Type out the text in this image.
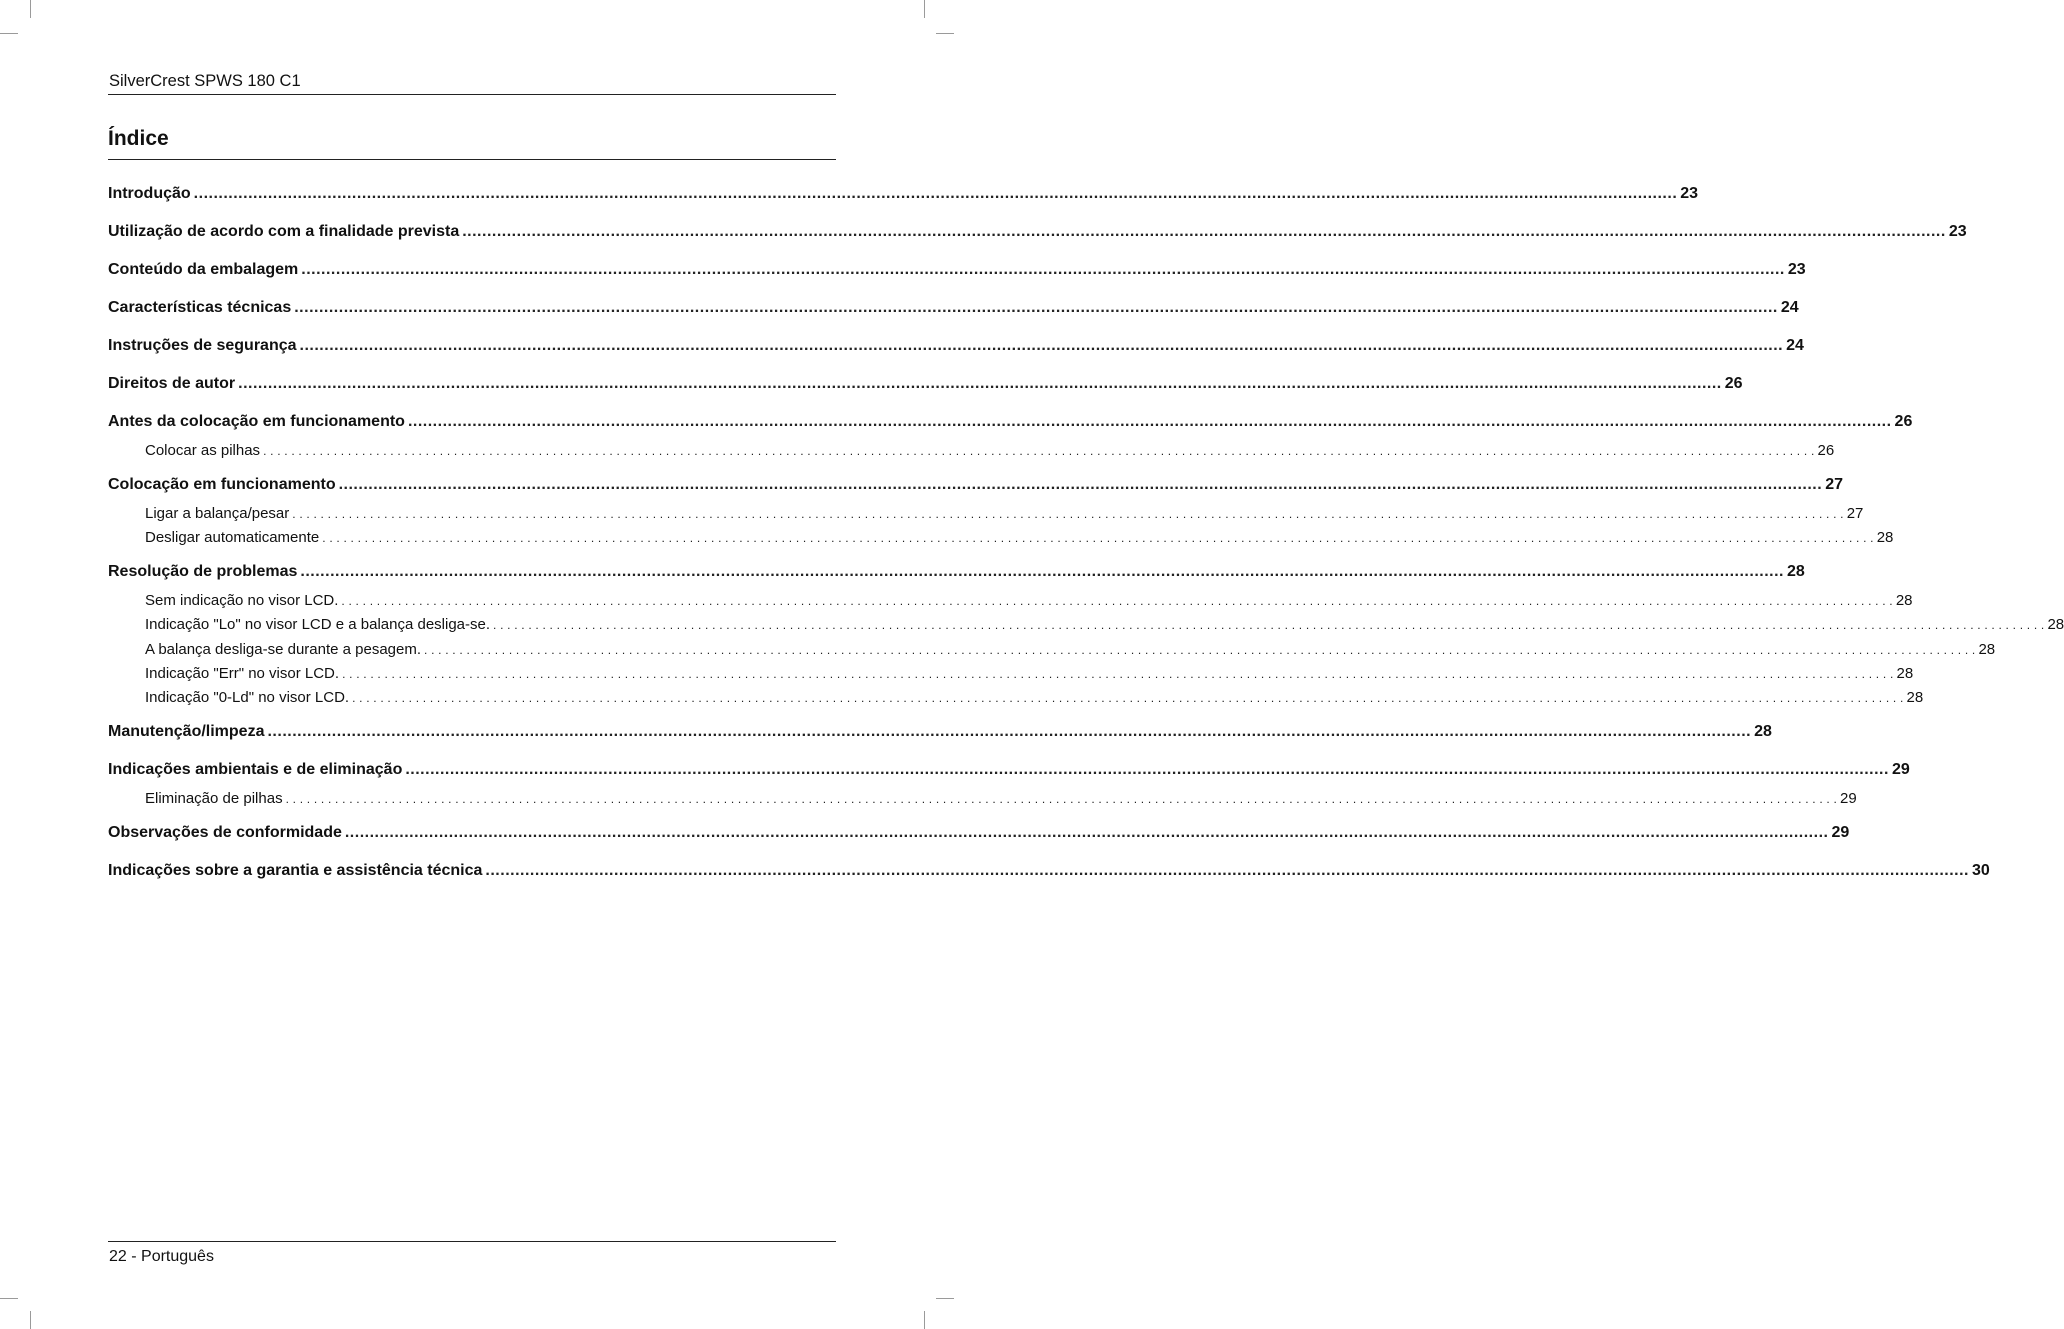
SilverCrest SPWS 180 C1
Índice
Introdução ............................................................................................................................................................................................................................................................................................................ 23
Utilização de acordo com a finalidade prevista ............................................................................................................................................................................................................................................................................................................ 23
Conteúdo da embalagem ............................................................................................................................................................................................................................................................................................................ 23
Características técnicas ............................................................................................................................................................................................................................................................................................................ 24
Instruções de segurança ............................................................................................................................................................................................................................................................................................................ 24
Direitos de autor ............................................................................................................................................................................................................................................................................................................ 26
Antes da colocação em funcionamento ............................................................................................................................................................................................................................................................................................................ 26
Colocar as pilhas . . . . . . . . . . . . . . . . . . . . . . . . . . . . . . . . . . . . . . . . . . . . . . . . . . . . . . . . . . . . . . . . . . . . . . . . . . . . . . . . . . . . . . . . . . . . . . . . . . . . . . . . . . . . . . . . . . . . . . . . . . . . . . . . . . . . . . . . . . . . . . . . . . . . . . . . . . . . . . . . . . . . . . . . . . . . . . . . . . . . . . . . . . . . . . . . . . . . . . . . . . . . . . . . . . . . . . . . . . . . 26
Colocação em funcionamento ............................................................................................................................................................................................................................................................................................................ 27
Ligar a balança/pesar . . . . . . . . . . . . . . . . . . . . . . . . . . . . . . . . . . . . . . . . . . . . . . . . . . . . . . . . . . . . . . . . . . . . . . . . . . . . . . . . . . . . . . . . . . . . . . . . . . . . . . . . . . . . . . . . . . . . . . . . . . . . . . . . . . . . . . . . . . . . . . . . . . . . . . . . . . . . . . . . . . . . . . . . . . . . . . . . . . . . . . . . . . . . . . . . . . . . . . . . . . . . . . . . . . . . . . . . . . . . 27
Desligar automaticamente . . . . . . . . . . . . . . . . . . . . . . . . . . . . . . . . . . . . . . . . . . . . . . . . . . . . . . . . . . . . . . . . . . . . . . . . . . . . . . . . . . . . . . . . . . . . . . . . . . . . . . . . . . . . . . . . . . . . . . . . . . . . . . . . . . . . . . . . . . . . . . . . . . . . . . . . . . . . . . . . . . . . . . . . . . . . . . . . . . . . . . . . . . . . . . . . . . . . . . . . . . . . . . . . . . . . . . . . . . . . 28
Resolução de problemas ............................................................................................................................................................................................................................................................................................................ 28
Sem indicação no visor LCD. . . . . . . . . . . . . . . . . . . . . . . . . . . . . . . . . . . . . . . . . . . . . . . . . . . . . . . . . . . . . . . . . . . . . . . . . . . . . . . . . . . . . . . . . . . . . . . . . . . . . . . . . . . . . . . . . . . . . . . . . . . . . . . . . . . . . . . . . . . . . . . . . . . . . . . . . . . . . . . . . . . . . . . . . . . . . . . . . . . . . . . . . . . . . . . . . . . . . . . . . . . . . . . . . . . . . . . . . . . . . 28
Indicação "Lo" no visor LCD e a balança desliga-se. . . . . . . . . . . . . . . . . . . . . . . . . . . . . . . . . . . . . . . . . . . . . . . . . . . . . . . . . . . . . . . . . . . . . . . . . . . . . . . . . . . . . . . . . . . . . . . . . . . . . . . . . . . . . . . . . . . . . . . . . . . . . . . . . . . . . . . . . . . . . . . . . . . . . . . . . . . . . . . . . . . . . . . . . . . . . . . . . . . . . . . . . . . . . . . . . . . . . . . . . . . . . . . . . . . . . . . . . . . . . 28
A balança desliga-se durante a pesagem. . . . . . . . . . . . . . . . . . . . . . . . . . . . . . . . . . . . . . . . . . . . . . . . . . . . . . . . . . . . . . . . . . . . . . . . . . . . . . . . . . . . . . . . . . . . . . . . . . . . . . . . . . . . . . . . . . . . . . . . . . . . . . . . . . . . . . . . . . . . . . . . . . . . . . . . . . . . . . . . . . . . . . . . . . . . . . . . . . . . . . . . . . . . . . . . . . . . . . . . . . . . . . . . . . . . . . . . . . . . . 28
Indicação "Err" no visor LCD. . . . . . . . . . . . . . . . . . . . . . . . . . . . . . . . . . . . . . . . . . . . . . . . . . . . . . . . . . . . . . . . . . . . . . . . . . . . . . . . . . . . . . . . . . . . . . . . . . . . . . . . . . . . . . . . . . . . . . . . . . . . . . . . . . . . . . . . . . . . . . . . . . . . . . . . . . . . . . . . . . . . . . . . . . . . . . . . . . . . . . . . . . . . . . . . . . . . . . . . . . . . . . . . . . . . . . . . . . . . . 28
Indicação "0-Ld" no visor LCD. . . . . . . . . . . . . . . . . . . . . . . . . . . . . . . . . . . . . . . . . . . . . . . . . . . . . . . . . . . . . . . . . . . . . . . . . . . . . . . . . . . . . . . . . . . . . . . . . . . . . . . . . . . . . . . . . . . . . . . . . . . . . . . . . . . . . . . . . . . . . . . . . . . . . . . . . . . . . . . . . . . . . . . . . . . . . . . . . . . . . . . . . . . . . . . . . . . . . . . . . . . . . . . . . . . . . . . . . . . . . 28
Manutenção/limpeza ............................................................................................................................................................................................................................................................................................................ 28
Indicações ambientais e de eliminação ............................................................................................................................................................................................................................................................................................................ 29
Eliminação de pilhas . . . . . . . . . . . . . . . . . . . . . . . . . . . . . . . . . . . . . . . . . . . . . . . . . . . . . . . . . . . . . . . . . . . . . . . . . . . . . . . . . . . . . . . . . . . . . . . . . . . . . . . . . . . . . . . . . . . . . . . . . . . . . . . . . . . . . . . . . . . . . . . . . . . . . . . . . . . . . . . . . . . . . . . . . . . . . . . . . . . . . . . . . . . . . . . . . . . . . . . . . . . . . . . . . . . . . . . . . . . . 29
Observações de conformidade ............................................................................................................................................................................................................................................................................................................ 29
Indicações sobre a garantia e assistência técnica ............................................................................................................................................................................................................................................................................................................ 30
22 - Português
